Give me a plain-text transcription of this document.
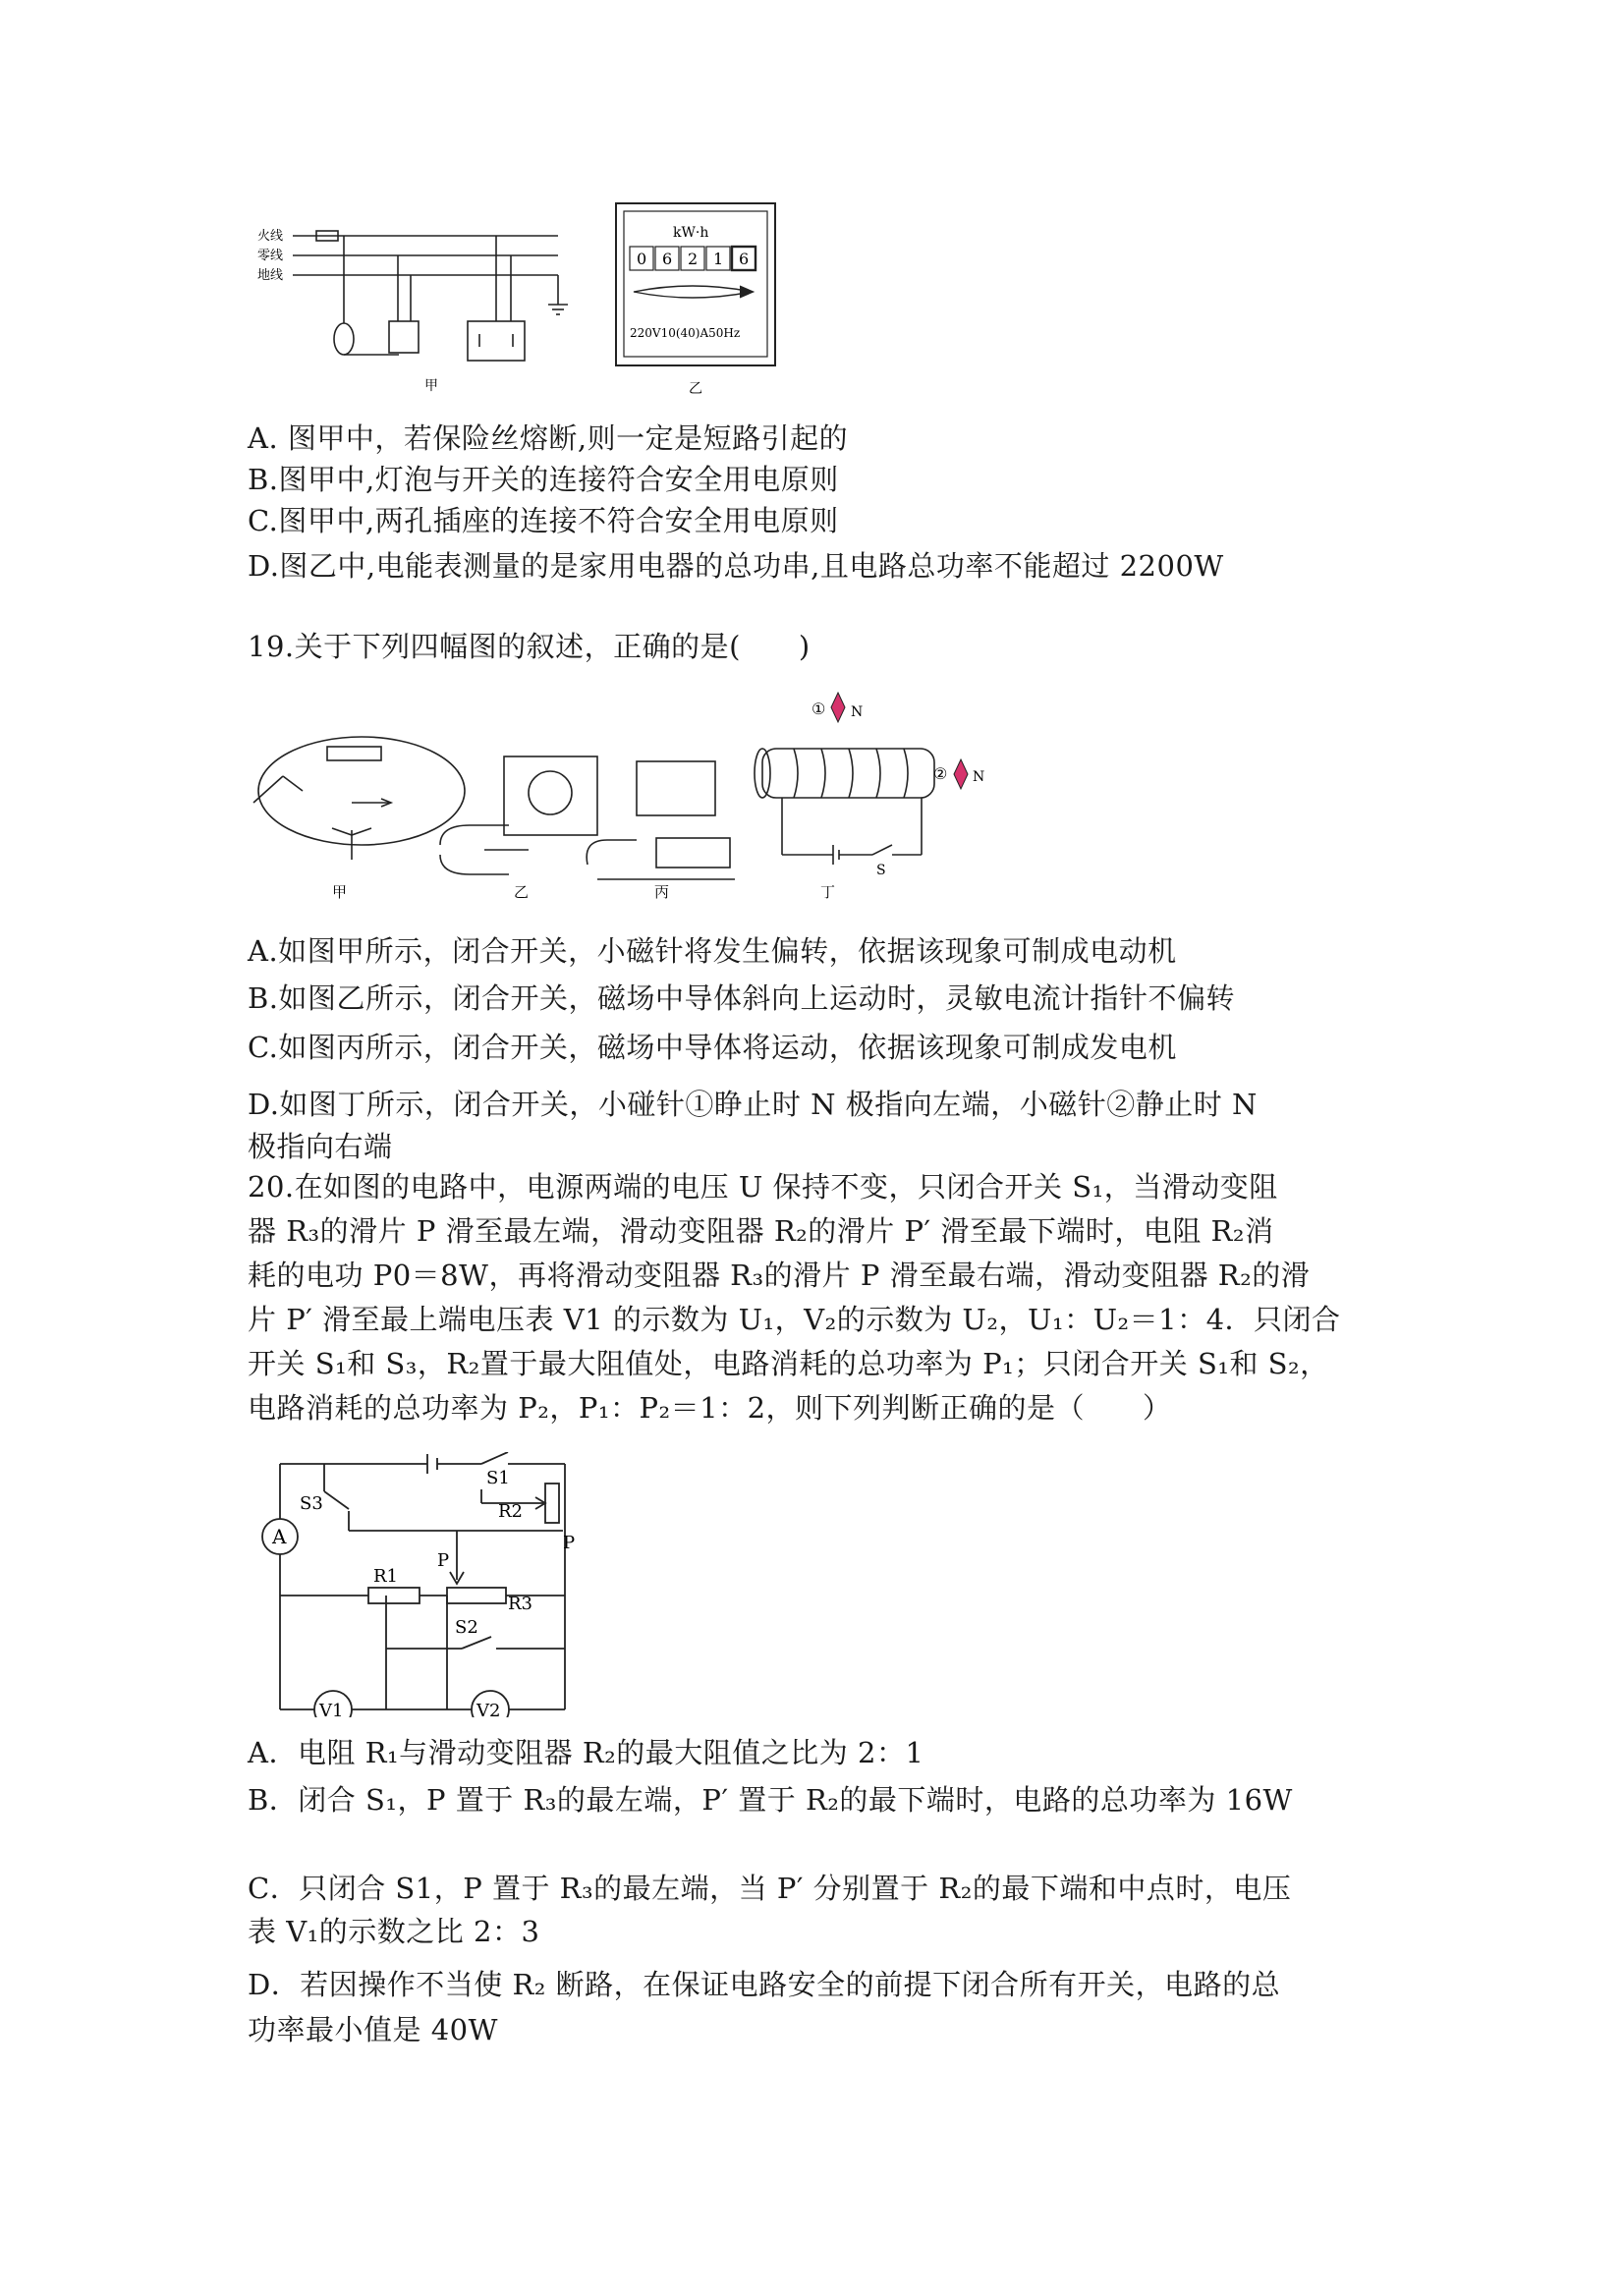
火线
零线
地线
甲
kW·h
0 6 2 1 6
220V10(40)A50Hz
乙
A. 图甲中，若保险丝熔断,则一定是短路引起的
B.图甲中,灯泡与开关的连接符合安全用电原则
C.图甲中,两孔插座的连接不符合安全用电原则
D.图乙中,电能表测量的是家用电器的总功串,且电路总功率不能超过 2200W
19.关于下列四幅图的叙述，正确的是(　　)
① N
② N
S
甲	乙	丙	丁
A.如图甲所示，闭合开关，小磁针将发生偏转，依据该现象可制成电动机
B.如图乙所示，闭合开关，磁场中导体斜向上运动时，灵敏电流计指针不偏转
C.如图丙所示，闭合开关，磁场中导体将运动，依据该现象可制成发电机
D.如图丁所示，闭合开关，小碰针①睁止时 N 极指向左端，小磁针②静止时 N
极指向右端
20.在如图的电路中，电源两端的电压 U 保持不变，只闭合开关 S₁，当滑动变阻
器 R₃的滑片 P 滑至最左端，滑动变阻器 R₂的滑片 P′ 滑至最下端时，电阻 R₂消
耗的电功 P0＝8W，再将滑动变阻器 R₃的滑片 P 滑至最右端，滑动变阻器 R₂的滑
片 P′ 滑至最上端电压表 V1 的示数为 U₁，V₂的示数为 U₂，U₁：U₂＝1：4．只闭合
开关 S₁和 S₃，R₂置于最大阻值处，电路消耗的总功率为 P₁；只闭合开关 S₁和 S₂，
电路消耗的总功率为 P₂，P₁：P₂＝1：2，则下列判断正确的是（　　）
A
S3
S1
R2
P
P
R1
R3
S2
V1	V2
A．电阻 R₁与滑动变阻器 R₂的最大阻值之比为 2：1
B．闭合 S₁，P 置于 R₃的最左端，P′ 置于 R₂的最下端时，电路的总功率为 16W
C．只闭合 S1，P 置于 R₃的最左端，当 P′ 分别置于 R₂的最下端和中点时，电压
表 V₁的示数之比 2：3
D．若因操作不当使 R₂ 断路，在保证电路安全的前提下闭合所有开关，电路的总
功率最小值是 40W
